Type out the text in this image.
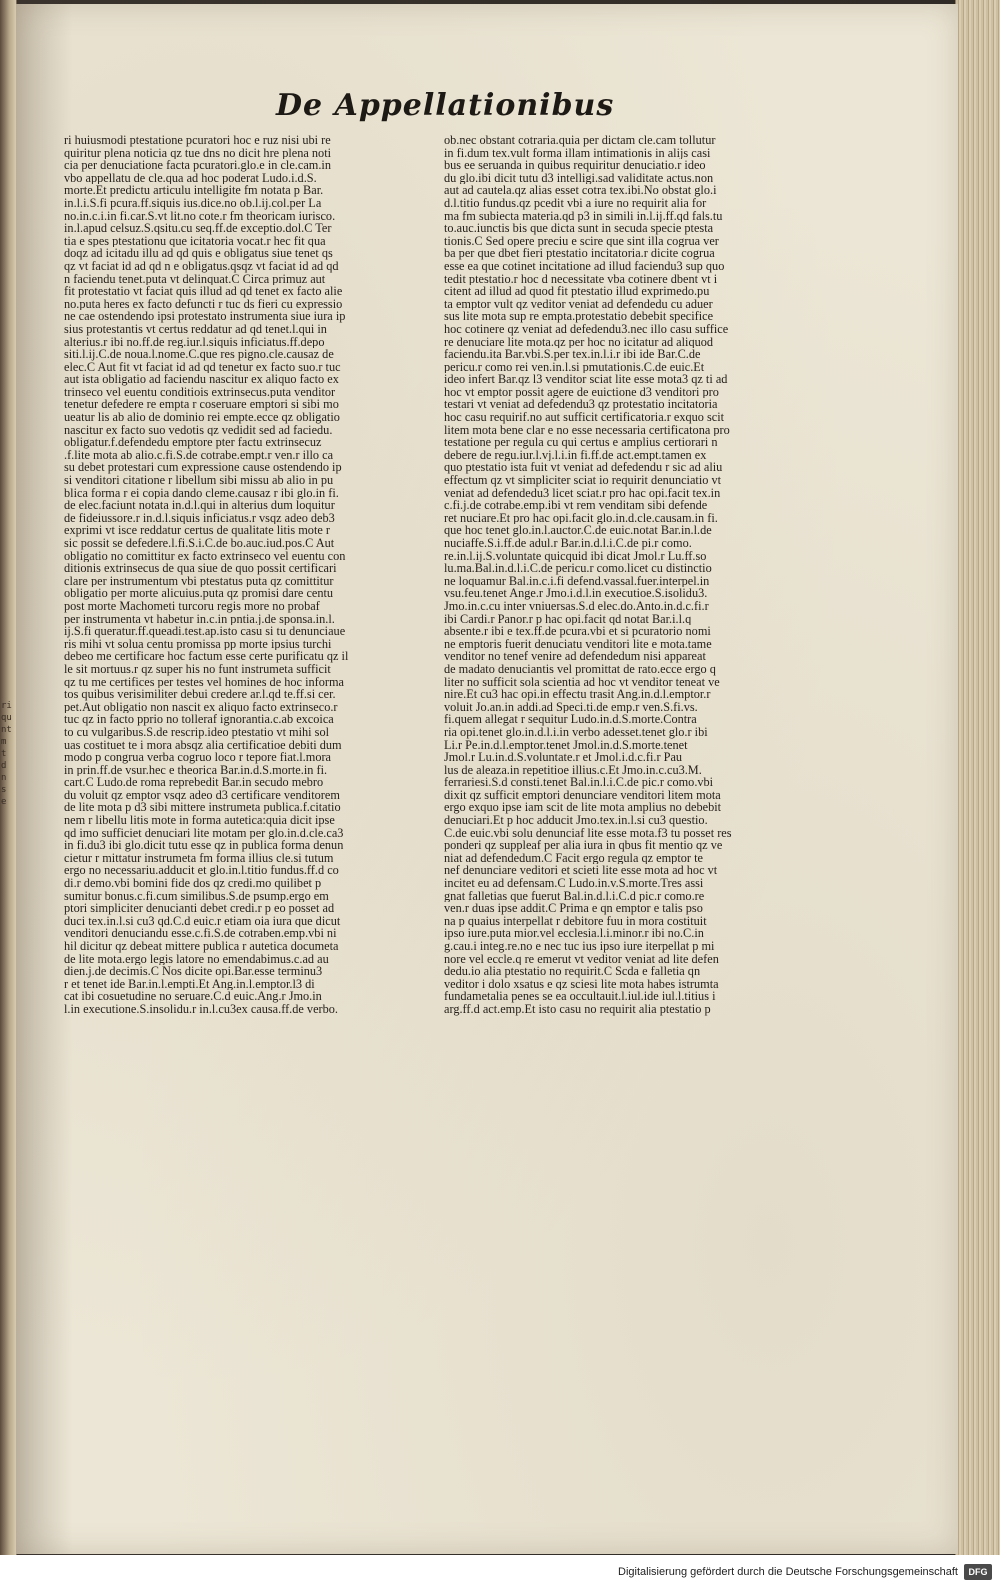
ri qu nt m t d n s e
De Appellationibus
ri huiusmodi ptestatione pcuratori hoc e ruz nisi ubi re
quiritur plena noticia qz tue dns no dicit hre plena noti
cia per denuciatione facta pcuratori.glo.e in cle.cam.in
vbo appellatu de cle.qua ad hoc poderat Ludo.i.d.S.
morte.Et predictu articulu intelligite fm notata p Bar.
in.l.i.S.fi pcura.ff.siquis ius.dice.no ob.l.ij.col.per La
no.in.c.i.in fi.car.S.vt lit.no cote.r fm theoricam iurisco.
in.l.apud celsuz.S.qsitu.cu seq.ff.de exceptio.dol.C Ter
tia e spes ptestationu que icitatoria vocat.r hec fit qua
doqz ad icitadu illu ad qd quis e obligatus siue tenet qs
qz vt faciat id ad qd n e obligatus.qsqz vt faciat id ad qd
n faciendu tenet.puta vt delinquat.C Circa primuz aut
fit protestatio vt faciat quis illud ad qd tenet ex facto alie
no.puta heres ex facto defuncti r tuc ds fieri cu expressio
ne cae ostendendo ipsi protestato instrumenta siue iura ip
sius protestantis vt certus reddatur ad qd tenet.l.qui in
alterius.r ibi no.ff.de reg.iur.l.siquis inficiatus.ff.depo
siti.l.ij.C.de noua.l.nome.C.que res pigno.cle.causaz de
elec.C Aut fit vt faciat id ad qd tenetur ex facto suo.r tuc
aut ista obligatio ad faciendu nascitur ex aliquo facto ex
trinseco vel euentu conditiois extrinsecus.puta venditor
tenetur defedere re empta r coseruare emptori si sibi mo
ueatur lis ab alio de dominio rei empte.ecce qz obligatio
nascitur ex facto suo vedotis qz vedidit sed ad faciedu.
obligatur.f.defendedu emptore pter factu extrinsecuz
.f.lite mota ab alio.c.fi.S.de cotrabe.empt.r ven.r illo ca
su debet protestari cum expressione cause ostendendo ip
si venditori citatione r libellum sibi missu ab alio in pu
blica forma r ei copia dando cleme.causaz r ibi glo.in fi.
de elec.faciunt notata in.d.l.qui in alterius dum loquitur
de fideiussore.r in.d.l.siquis inficiatus.r vsqz adeo deb3
exprimi vt isce reddatur certus de qualitate litis mote r
sic possit se defedere.l.fi.S.i.C.de bo.auc.iud.pos.C Aut
obligatio no comittitur ex facto extrinseco vel euentu con
ditionis extrinsecus de qua siue de quo possit certificari
clare per instrumentum vbi ptestatus puta qz comittitur
obligatio per morte alicuius.puta qz promisi dare centu
post morte Machometi turcoru regis more no probaf
per instrumenta vt habetur in.c.in pntia.j.de sponsa.in.l.
ij.S.fi queratur.ff.queadi.test.ap.isto casu si tu denunciaue
ris mihi vt solua centu promissa pp morte ipsius turchi
debeo me certificare hoc factum esse certe purificatu qz il
le sit mortuus.r qz super his no funt instrumeta sufficit
qz tu me certifices per testes vel homines de hoc informa
tos quibus verisimiliter debui credere ar.l.qd te.ff.si cer.
pet.Aut obligatio non nascit ex aliquo facto extrinseco.r
tuc qz in facto pprio no tolleraf ignorantia.c.ab excoica
to cu vulgaribus.S.de rescrip.ideo ptestatio vt mihi sol
uas costituet te i mora absqz alia certificatioe debiti dum
modo p congrua verba cogruo loco r tepore fiat.l.mora
in prin.ff.de vsur.hec e theorica Bar.in.d.S.morte.in fi.
cart.C Ludo.de roma reprebedit Bar.in secudo mebro
du voluit qz emptor vsqz adeo d3 certificare venditorem
de lite mota p d3 sibi mittere instrumeta publica.f.citatio
nem r libellu litis mote in forma autetica:quia dicit ipse
qd imo sufficiet denuciari lite motam per glo.in.d.cle.ca3
in fi.du3 ibi glo.dicit tutu esse qz in publica forma denun
cietur r mittatur instrumeta fm forma illius cle.si tutum
ergo no necessariu.adducit et glo.in.l.titio fundus.ff.d co
di.r demo.vbi bomini fide dos qz credi.mo quilibet p
sumitur bonus.c.fi.cum similibus.S.de psump.ergo em
ptori simpliciter denucianti debet credi.r p eo posset ad
duci tex.in.l.si cu3 qd.C.d euic.r etiam oia iura que dicut
venditori denuciandu esse.c.fi.S.de cotraben.emp.vbi ni
hil dicitur qz debeat mittere publica r autetica documeta
de lite mota.ergo legis latore no emendabimus.c.ad au
dien.j.de decimis.C Nos dicite opi.Bar.esse terminu3
r et tenet ide Bar.in.l.empti.Et Ang.in.l.emptor.l3 di
cat ibi cosuetudine no seruare.C.d euic.Ang.r Jmo.in
l.in executione.S.insolidu.r in.l.cu3ex causa.ff.de verbo.
ob.nec obstant cotraria.quia per dictam cle.cam tollutur
in fi.dum tex.vult forma illam intimationis in alijs casi
bus ee seruanda in quibus requiritur denuciatio.r ideo
du glo.ibi dicit tutu d3 intelligi.sad validitate actus.non
aut ad cautela.qz alias esset cotra tex.ibi.No obstat glo.i
d.l.titio fundus.qz pcedit vbi a iure no requirit alia for
ma fm subiecta materia.qd p3 in simili in.l.ij.ff.qd fals.tu
to.auc.iunctis bis que dicta sunt in secuda specie ptesta
tionis.C Sed opere preciu e scire que sint illa cogrua ver
ba per que dbet fieri ptestatio incitatoria.r dicite cogrua
esse ea que cotinet incitatione ad illud faciendu3 sup quo
tedit ptestatio.r hoc d necessitate vba cotinere dbent vt i
citent ad illud ad quod fit ptestatio illud exprimedo.pu
ta emptor vult qz veditor veniat ad defendedu cu aduer
sus lite mota sup re empta.protestatio debebit specifice
hoc cotinere qz veniat ad defedendu3.nec illo casu suffice
re denuciare lite mota.qz per hoc no icitatur ad aliquod
faciendu.ita Bar.vbi.S.per tex.in.l.i.r ibi ide Bar.C.de
pericu.r como rei ven.in.l.si pmutationis.C.de euic.Et
ideo infert Bar.qz l3 venditor sciat lite esse mota3 qz ti ad
hoc vt emptor possit agere de euictione d3 venditori pro
testari vt veniat ad defedendu3 qz protestatio incitatoria
hoc casu requirif.no aut sufficit certificatoria.r exquo scit
litem mota bene clar e no esse necessaria certificatona pro
testatione per regula cu qui certus e amplius certiorari n
debere de regu.iur.l.vj.l.i.in fi.ff.de act.empt.tamen ex
quo ptestatio ista fuit vt veniat ad defedendu r sic ad aliu
effectum qz vt simpliciter sciat io requirit denunciatio vt
veniat ad defendedu3 licet sciat.r pro hac opi.facit tex.in
c.fi.j.de cotrabe.emp.ibi vt rem venditam sibi defende
ret nuciare.Et pro hac opi.facit glo.in.d.cle.causam.in fi.
que hoc tenet glo.in.l.auctor.C.de euic.notat Bar.in.l.de
nuciaffe.S.i.ff.de adul.r Bar.in.d.l.i.C.de pi.r como.
re.in.l.ij.S.voluntate quicquid ibi dicat Jmol.r Lu.ff.so
lu.ma.Bal.in.d.l.i.C.de pericu.r como.licet cu distinctio
ne loquamur Bal.in.c.i.fi defend.vassal.fuer.interpel.in
vsu.feu.tenet Ange.r Jmo.i.d.l.in executioe.S.isolidu3.
Jmo.in.c.cu inter vniuersas.S.d elec.do.Anto.in.d.c.fi.r
ibi Cardi.r Panor.r p hac opi.facit qd notat Bar.i.l.q
absente.r ibi e tex.ff.de pcura.vbi et si pcuratorio nomi
ne emptoris fuerit denuciatu venditori lite e mota.tame
venditor no tenef venire ad defendedum nisi appareat
de madato denuciantis vel promittat de rato.ecce ergo q
liter no sufficit sola scientia ad hoc vt venditor teneat ve
nire.Et cu3 hac opi.in effectu trasit Ang.in.d.l.emptor.r
voluit Jo.an.in addi.ad Speci.ti.de emp.r ven.S.fi.vs.
fi.quem allegat r sequitur Ludo.in.d.S.morte.Contra
ria opi.tenet glo.in.d.l.i.in verbo adesset.tenet glo.r ibi
Li.r Pe.in.d.l.emptor.tenet Jmol.in.d.S.morte.tenet
Jmol.r Lu.in.d.S.voluntate.r et Jmol.i.d.c.fi.r Pau
lus de aleaza.in repetitioe illius.c.Et Jmo.in.c.cu3.M.
ferrariesi.S.d consti.tenet Bal.in.l.i.C.de pic.r como.vbi
dixit qz sufficit emptori denunciare venditori litem mota
ergo exquo ipse iam scit de lite mota amplius no debebit
denuciari.Et p hoc adducit Jmo.tex.in.l.si cu3 questio.
C.de euic.vbi solu denunciaf lite esse mota.f3 tu posset res
ponderi qz suppleaf per alia iura in qbus fit mentio qz ve
niat ad defendedum.C Facit ergo regula qz emptor te
nef denunciare veditori et scieti lite esse mota ad hoc vt
incitet eu ad defensam.C Ludo.in.v.S.morte.Tres assi
gnat falletias que fuerut Bal.in.d.l.i.C.d pic.r como.re
ven.r duas ipse addit.C Prima e qn emptor e talis pso
na p quaius interpellat r debitore fuu in mora costituit
ipso iure.puta mior.vel ecclesia.l.i.minor.r ibi no.C.in
g.cau.i integ.re.no e nec tuc ius ipso iure iterpellat p mi
nore vel eccle.q re emerut vt veditor veniat ad lite defen
dedu.io alia ptestatio no requirit.C Scda e falletia qn
veditor i dolo xsatus e qz sciesi lite mota habes istrumta
fundametalia penes se ea occultauit.l.iul.ide iul.l.titius i
arg.ff.d act.emp.Et isto casu no requirit alia ptestatio p
Digitalisierung gefördert durch die Deutsche Forschungsgemeinschaft	DFG
